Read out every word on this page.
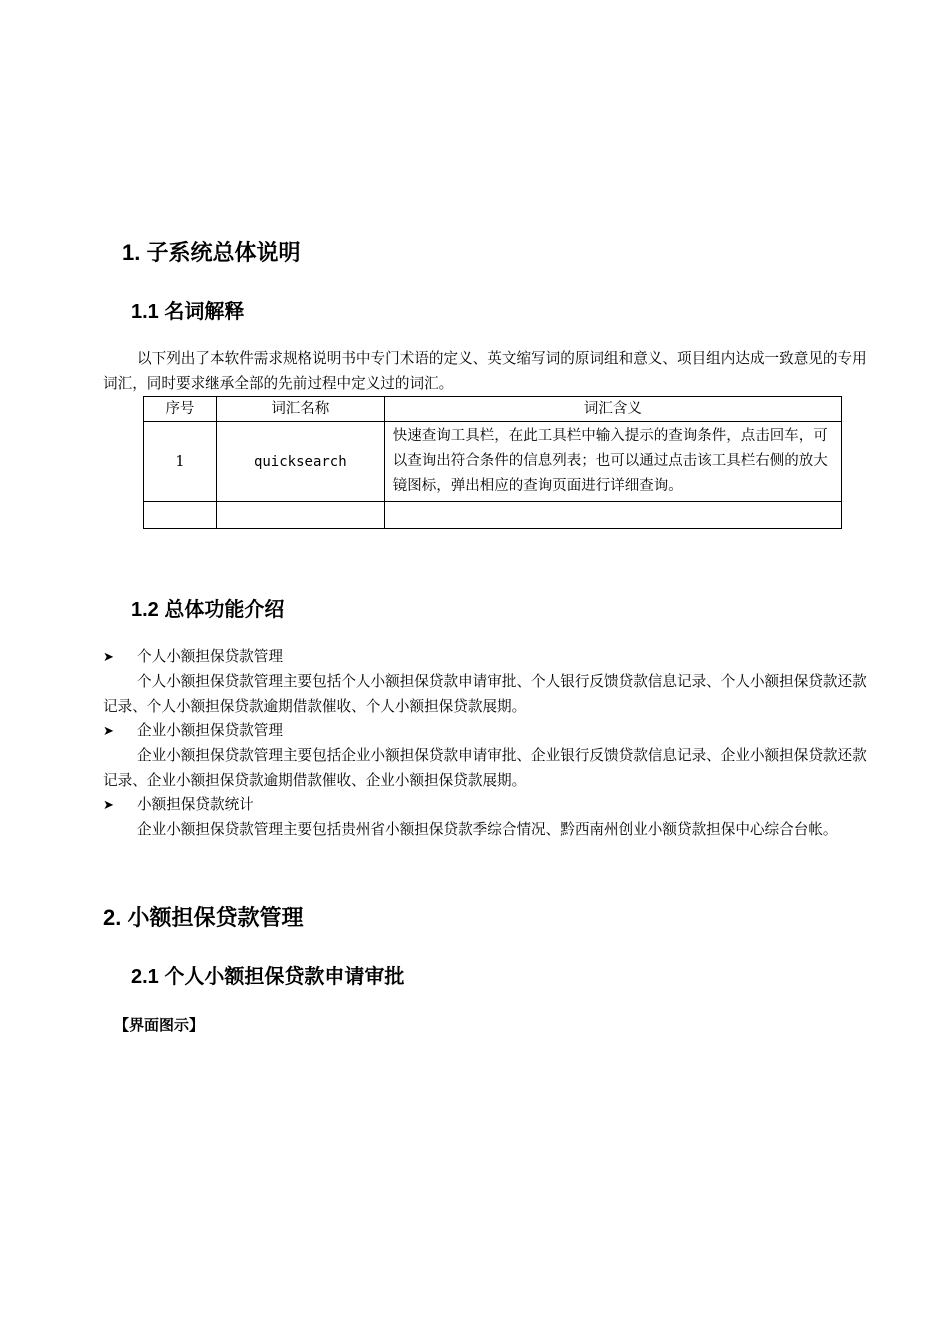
1. 子系统总体说明
1.1 名词解释

以下列出了本软件需求规格说明书中专门术语的定义、英文缩写词的原词组和意义、项目组内达成一致意见的专用词汇，同时要求继承全部的先前过程中定义过的词汇。

序号	词汇名称	词汇含义
1	quicksearch	快速查询工具栏，在此工具栏中输入提示的查询条件，点击回车，可以查询出符合条件的信息列表；也可以通过点击该工具栏右侧的放大镜图标，弹出相应的查询页面进行详细查询。

1.2 总体功能介绍

➤ 个人小额担保贷款管理

个人小额担保贷款管理主要包括个人小额担保贷款申请审批、个人银行反馈贷款信息记录、个人小额担保贷款还款记录、个人小额担保贷款逾期借款催收、个人小额担保贷款展期。

➤ 企业小额担保贷款管理

企业小额担保贷款管理主要包括企业小额担保贷款申请审批、企业银行反馈贷款信息记录、企业小额担保贷款还款记录、企业小额担保贷款逾期借款催收、企业小额担保贷款展期。

➤ 小额担保贷款统计

企业小额担保贷款管理主要包括贵州省小额担保贷款季综合情况、黔西南州创业小额贷款担保中心综合台帐。

2. 小额担保贷款管理
2.1 个人小额担保贷款申请审批

【界面图示】
